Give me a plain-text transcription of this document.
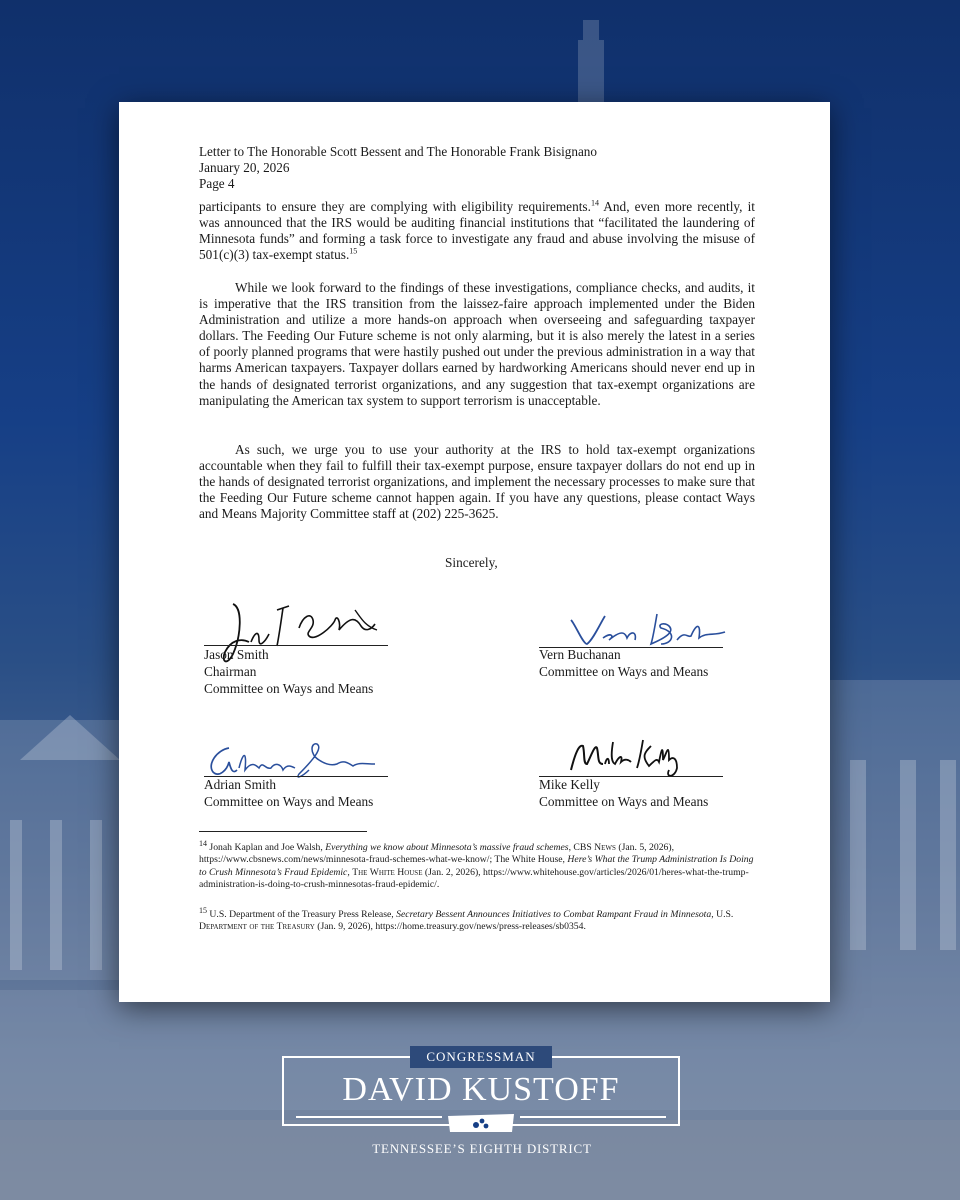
Letter to The Honorable Scott Bessent and The Honorable Frank Bisignano
January 20, 2026
Page 4

participants to ensure they are complying with eligibility requirements.$^{14}$ And, even more recently, it was announced that the IRS would be auditing financial institutions that “facilitated the laundering of Minnesota funds” and forming a task force to investigate any fraud and abuse involving the misuse of 501(c)(3) tax-exempt status.$^{15}$

While we look forward to the findings of these investigations, compliance checks, and audits, it is imperative that the IRS transition from the laissez-faire approach implemented under the Biden Administration and utilize a more hands-on approach when overseeing and safeguarding taxpayer dollars. The Feeding Our Future scheme is not only alarming, but it is also merely the latest in a series of poorly planned programs that were hastily pushed out under the previous administration in a way that harms American taxpayers. Taxpayer dollars earned by hardworking Americans should never end up in the hands of designated terrorist organizations, and any suggestion that tax-exempt organizations are manipulating the American tax system to support terrorism is unacceptable.

As such, we urge you to use your authority at the IRS to hold tax-exempt organizations accountable when they fail to fulfill their tax-exempt purpose, ensure taxpayer dollars do not end up in the hands of designated terrorist organizations, and implement the necessary processes to make sure that the Feeding Our Future scheme cannot happen again. If you have any questions, please contact Ways and Means Majority Committee staff at (202) 225-3625.

Sincerely,
Jason Smith
Chairman
Committee on Ways and Means
Vern Buchanan
Committee on Ways and Means
Adrian Smith
Committee on Ways and Means
Mike Kelly
Committee on Ways and Means

$^{14}$ Jonah Kaplan and Joe Walsh, Everything we know about Minnesota’s massive fraud schemes, CBS News (Jan. 5, 2026), https://www.cbsnews.com/news/minnesota-fraud-schemes-what-we-know/; The White House, Here’s What the Trump Administration Is Doing to Crush Minnesota’s Fraud Epidemic, The White House (Jan. 2, 2026), https://www.whitehouse.gov/articles/2026/01/heres-what-the-trump-administration-is-doing-to-crush-minnesotas-fraud-epidemic/.

$^{15}$ U.S. Department of the Treasury Press Release, Secretary Bessent Announces Initiatives to Combat Rampant Fraud in Minnesota, U.S. Department of the Treasury (Jan. 9, 2026), https://home.treasury.gov/news/press-releases/sb0354.

CONGRESSMAN
DAVID KUSTOFF
TENNESSEE’S EIGHTH DISTRICT
